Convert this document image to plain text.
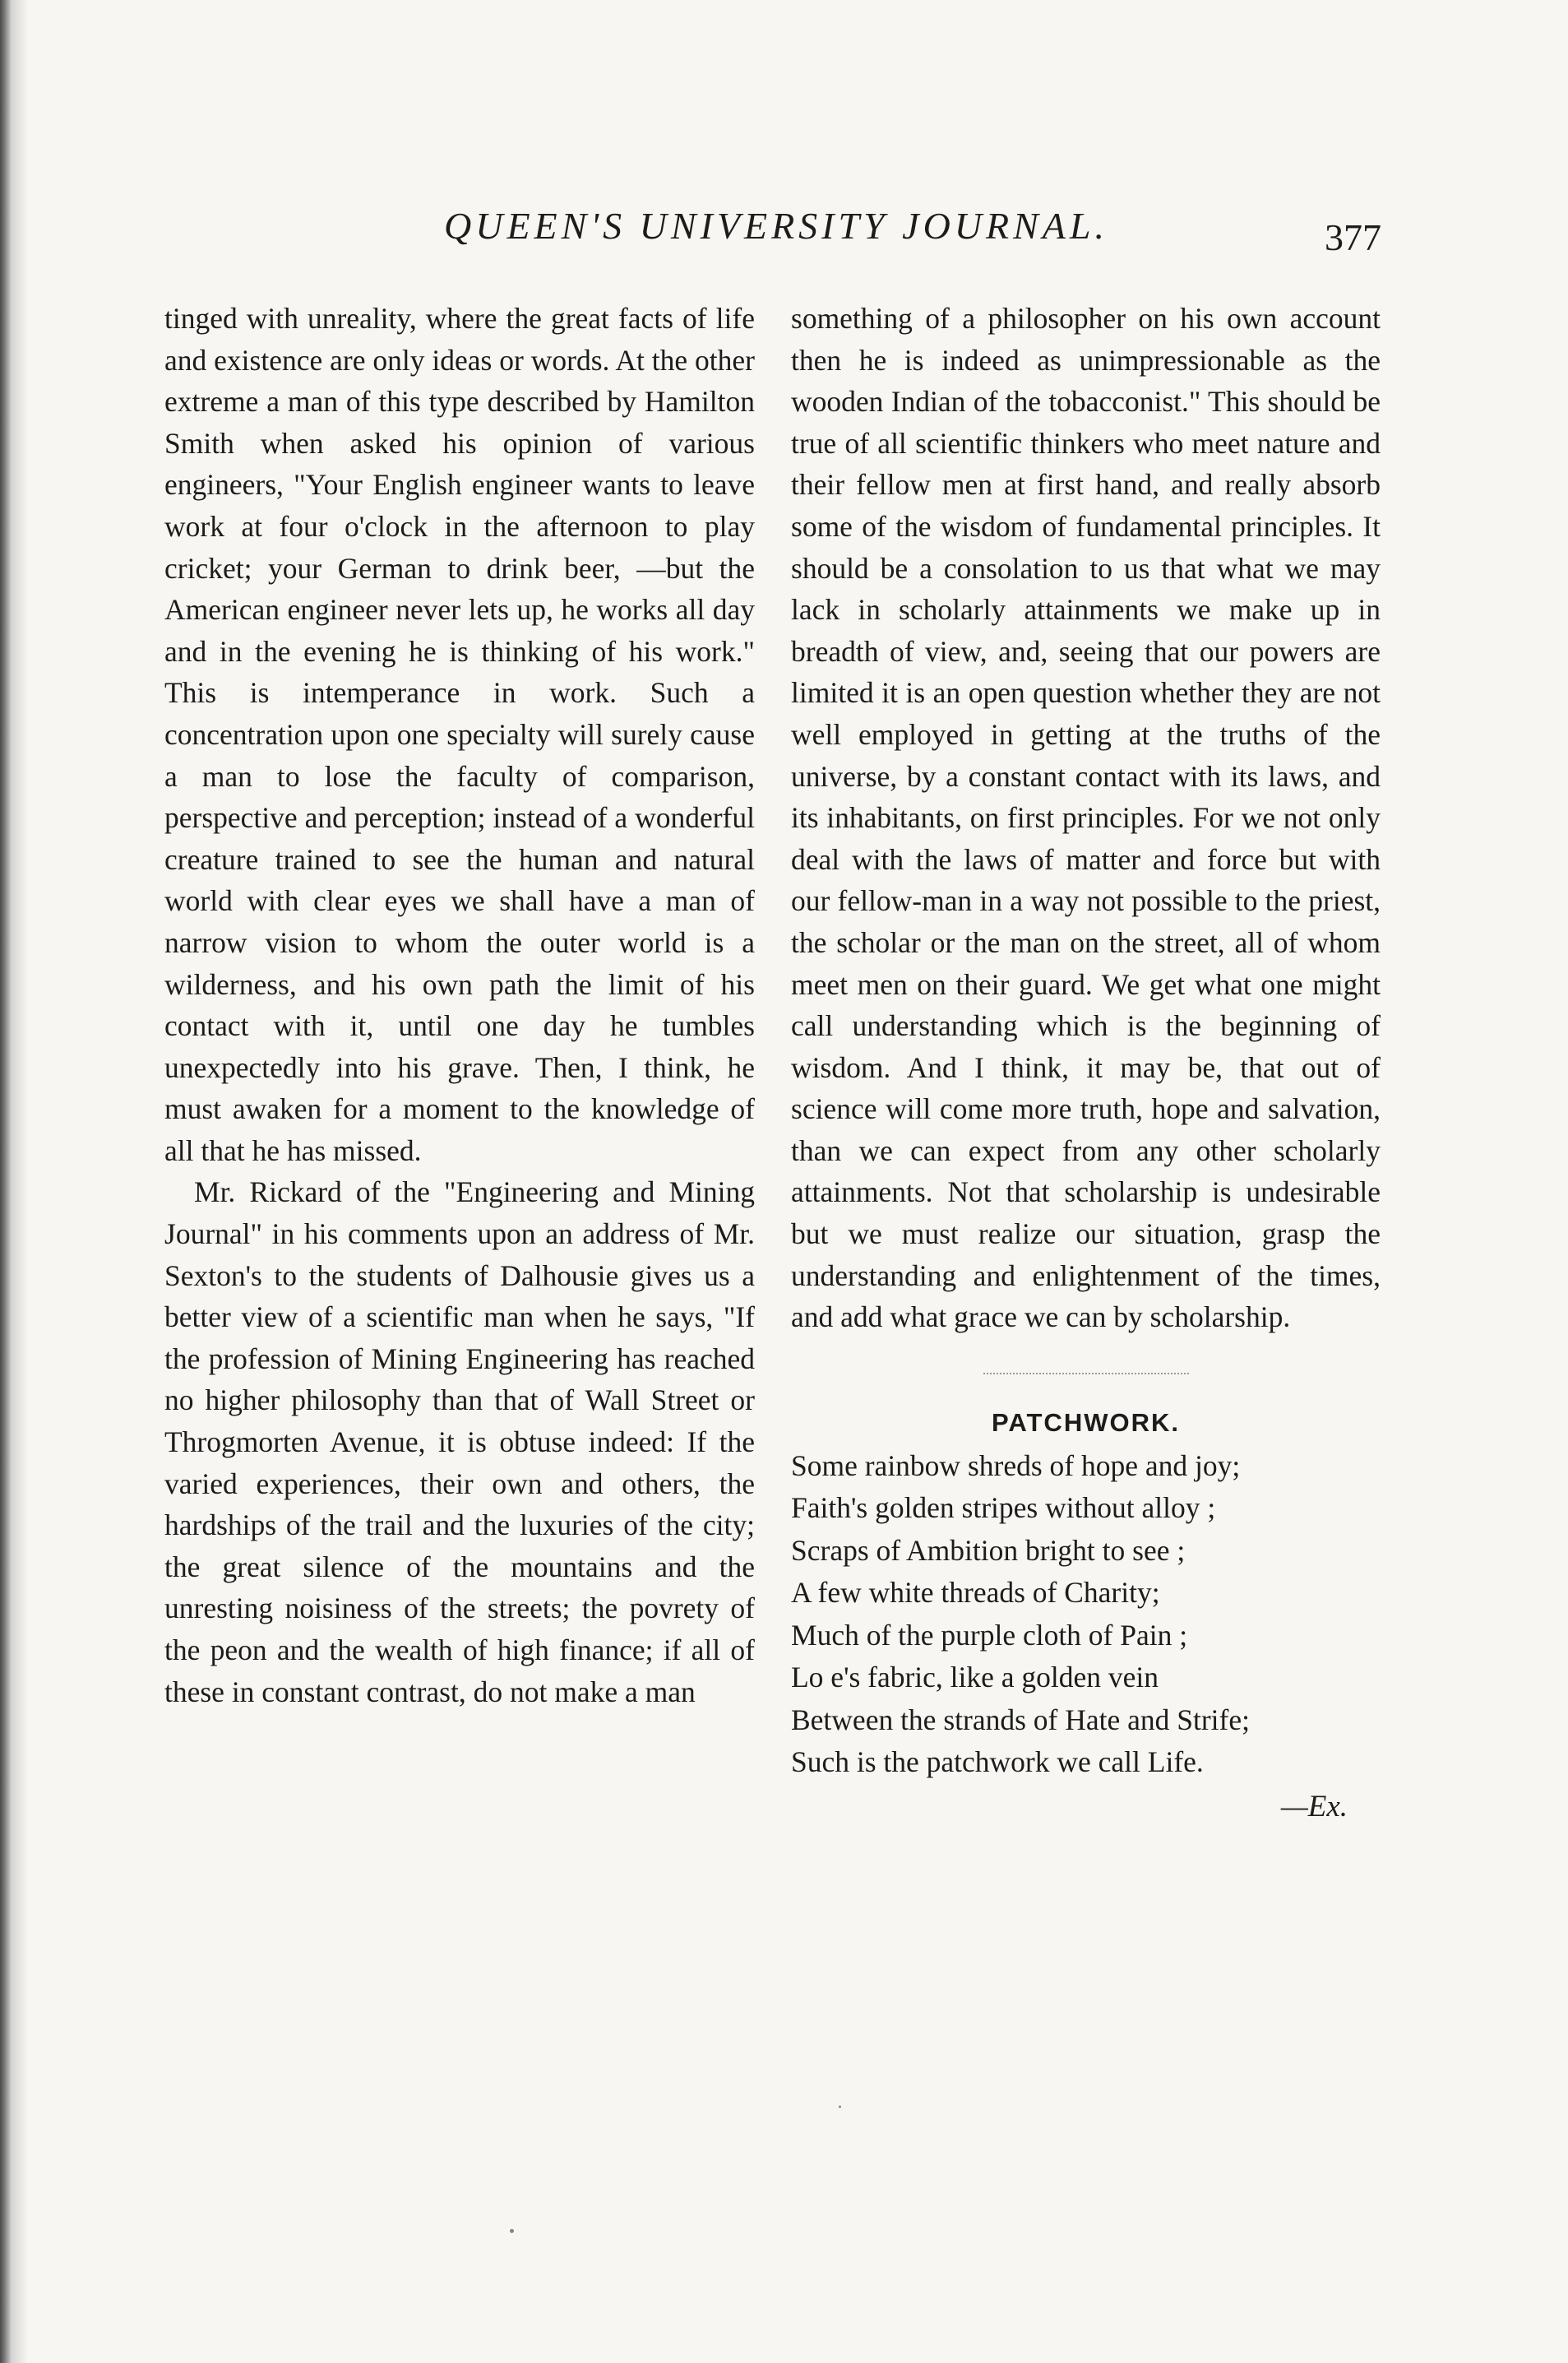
QUEEN'S UNIVERSITY JOURNAL.	377

tinged with unreality, where the great facts of life and existence are only ideas or words. At the other extreme a man of this type described by Hamilton Smith when asked his opinion of various engineers, "Your English engineer wants to leave work at four o'clock in the afternoon to play cricket; your German to drink beer, —but the American engineer never lets up, he works all day and in the evening he is thinking of his work." This is intemperance in work. Such a concentration upon one specialty will surely cause a man to lose the faculty of comparison, perspective and perception; instead of a wonderful creature trained to see the human and natural world with clear eyes we shall have a man of narrow vision to whom the outer world is a wilderness, and his own path the limit of his contact with it, until one day he tumbles unexpectedly into his grave. Then, I think, he must awaken for a moment to the knowledge of all that he has missed.

Mr. Rickard of the "Engineering and Mining Journal" in his comments upon an address of Mr. Sexton's to the students of Dalhousie gives us a better view of a scientific man when he says, "If the profession of Mining Engineering has reached no higher philosophy than that of Wall Street or Throgmorten Avenue, it is obtuse indeed: If the varied experiences, their own and others, the hardships of the trail and the luxuries of the city; the great silence of the mountains and the unresting noisiness of the streets; the povrety of the peon and the wealth of high finance; if all of these in constant contrast, do not make a man

something of a philosopher on his own account then he is indeed as unimpressionable as the wooden Indian of the tobacconist." This should be true of all scientific thinkers who meet nature and their fellow men at first hand, and really absorb some of the wisdom of fundamental principles. It should be a consolation to us that what we may lack in scholarly attainments we make up in breadth of view, and, seeing that our powers are limited it is an open question whether they are not well employed in getting at the truths of the universe, by a constant contact with its laws, and its inhabitants, on first principles. For we not only deal with the laws of matter and force but with our fellow-man in a way not possible to the priest, the scholar or the man on the street, all of whom meet men on their guard. We get what one might call understanding which is the beginning of wisdom. And I think, it may be, that out of science will come more truth, hope and salvation, than we can expect from any other scholarly attainments. Not that scholarship is undesirable but we must realize our situation, grasp the understanding and enlightenment of the times, and add what grace we can by scholarship.

PATCHWORK.
Some rainbow shreds of hope and joy;
Faith's golden stripes without alloy ;
Scraps of Ambition bright to see ;
A few white threads of Charity;
Much of the purple cloth of Pain ;
Lo e's fabric, like a golden vein
Between the strands of Hate and Strife;
Such is the patchwork we call Life.
—Ex.
